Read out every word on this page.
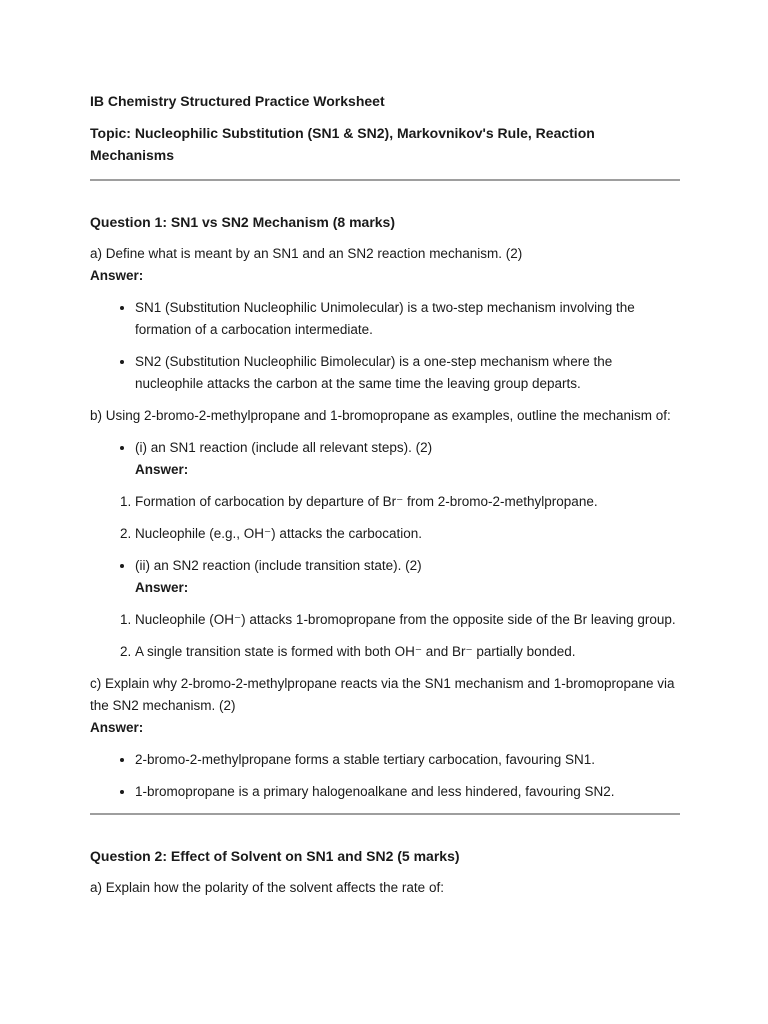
IB Chemistry Structured Practice Worksheet
Topic: Nucleophilic Substitution (SN1 & SN2), Markovnikov's Rule, Reaction Mechanisms
Question 1: SN1 vs SN2 Mechanism (8 marks)

a) Define what is meant by an SN1 and an SN2 reaction mechanism. (2)

Answer:
• SN1 (Substitution Nucleophilic Unimolecular) is a two-step mechanism involving the formation of a carbocation intermediate.
• SN2 (Substitution Nucleophilic Bimolecular) is a one-step mechanism where the nucleophile attacks the carbon at the same time the leaving group departs.

b) Using 2-bromo-2-methylpropane and 1-bromopropane as examples, outline the mechanism of:

• (i) an SN1 reaction (include all relevant steps). (2)
Answer:
1. Formation of carbocation by departure of Br⁻ from 2-bromo-2-methylpropane.
2. Nucleophile (e.g., OH⁻) attacks the carbocation.
• (ii) an SN2 reaction (include transition state). (2)
Answer:
1. Nucleophile (OH⁻) attacks 1-bromopropane from the opposite side of the Br leaving group.
2. A single transition state is formed with both OH⁻ and Br⁻ partially bonded.

c) Explain why 2-bromo-2-methylpropane reacts via the SN1 mechanism and 1-bromopropane via the SN2 mechanism. (2)

Answer:
• 2-bromo-2-methylpropane forms a stable tertiary carbocation, favouring SN1.
• 1-bromopropane is a primary halogenoalkane and less hindered, favouring SN2.
Question 2: Effect of Solvent on SN1 and SN2 (5 marks)

a) Explain how the polarity of the solvent affects the rate of:
